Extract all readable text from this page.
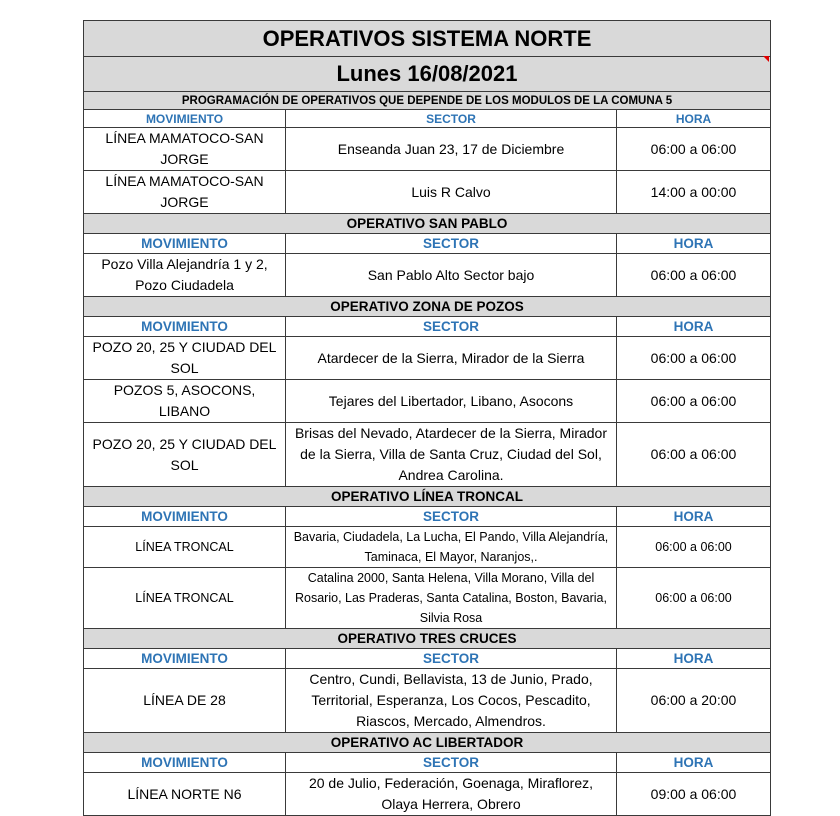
OPERATIVOS SISTEMA NORTE		
Lunes 16/08/2021		
PROGRAMACIÓN DE OPERATIVOS QUE DEPENDE DE LOS MODULOS DE LA COMUNA 5		
MOVIMIENTO	SECTOR	HORA
LÍNEA MAMATOCO-SAN JORGE	Enseanda Juan 23, 17 de Diciembre	06:00 a 06:00
LÍNEA MAMATOCO-SAN JORGE	Luis R Calvo	14:00 a 00:00
OPERATIVO SAN PABLO		
MOVIMIENTO	SECTOR	HORA
Pozo Villa Alejandría 1 y 2, Pozo Ciudadela	San Pablo Alto Sector bajo	06:00 a 06:00
OPERATIVO ZONA DE POZOS		
MOVIMIENTO	SECTOR	HORA
POZO 20, 25 Y CIUDAD DEL SOL	Atardecer de la Sierra, Mirador de la Sierra	06:00 a 06:00
POZOS 5, ASOCONS, LIBANO	Tejares del Libertador, Libano, Asocons	06:00 a 06:00
POZO 20, 25 Y CIUDAD DEL SOL	Brisas del Nevado, Atardecer de la Sierra, Mirador de la Sierra, Villa de Santa Cruz, Ciudad del Sol, Andrea Carolina.	06:00 a 06:00
OPERATIVO LÍNEA TRONCAL		
MOVIMIENTO	SECTOR	HORA
LÍNEA TRONCAL	Bavaria, Ciudadela, La Lucha, El Pando, Villa Alejandría, Taminaca, El Mayor, Naranjos,.	06:00 a 06:00
LÍNEA TRONCAL	Catalina 2000, Santa Helena, Villa Morano, Villa del Rosario, Las Praderas, Santa Catalina, Boston, Bavaria, Silvia Rosa	06:00 a 06:00
OPERATIVO TRES CRUCES		
MOVIMIENTO	SECTOR	HORA
LÍNEA DE 28	Centro, Cundi, Bellavista, 13 de Junio, Prado, Territorial, Esperanza, Los Cocos, Pescadito, Riascos, Mercado, Almendros.	06:00 a 20:00
OPERATIVO AC LIBERTADOR		
MOVIMIENTO	SECTOR	HORA
LÍNEA NORTE N6	20 de Julio, Federación, Goenaga, Miraflorez, Olaya Herrera, Obrero	09:00 a 06:00
